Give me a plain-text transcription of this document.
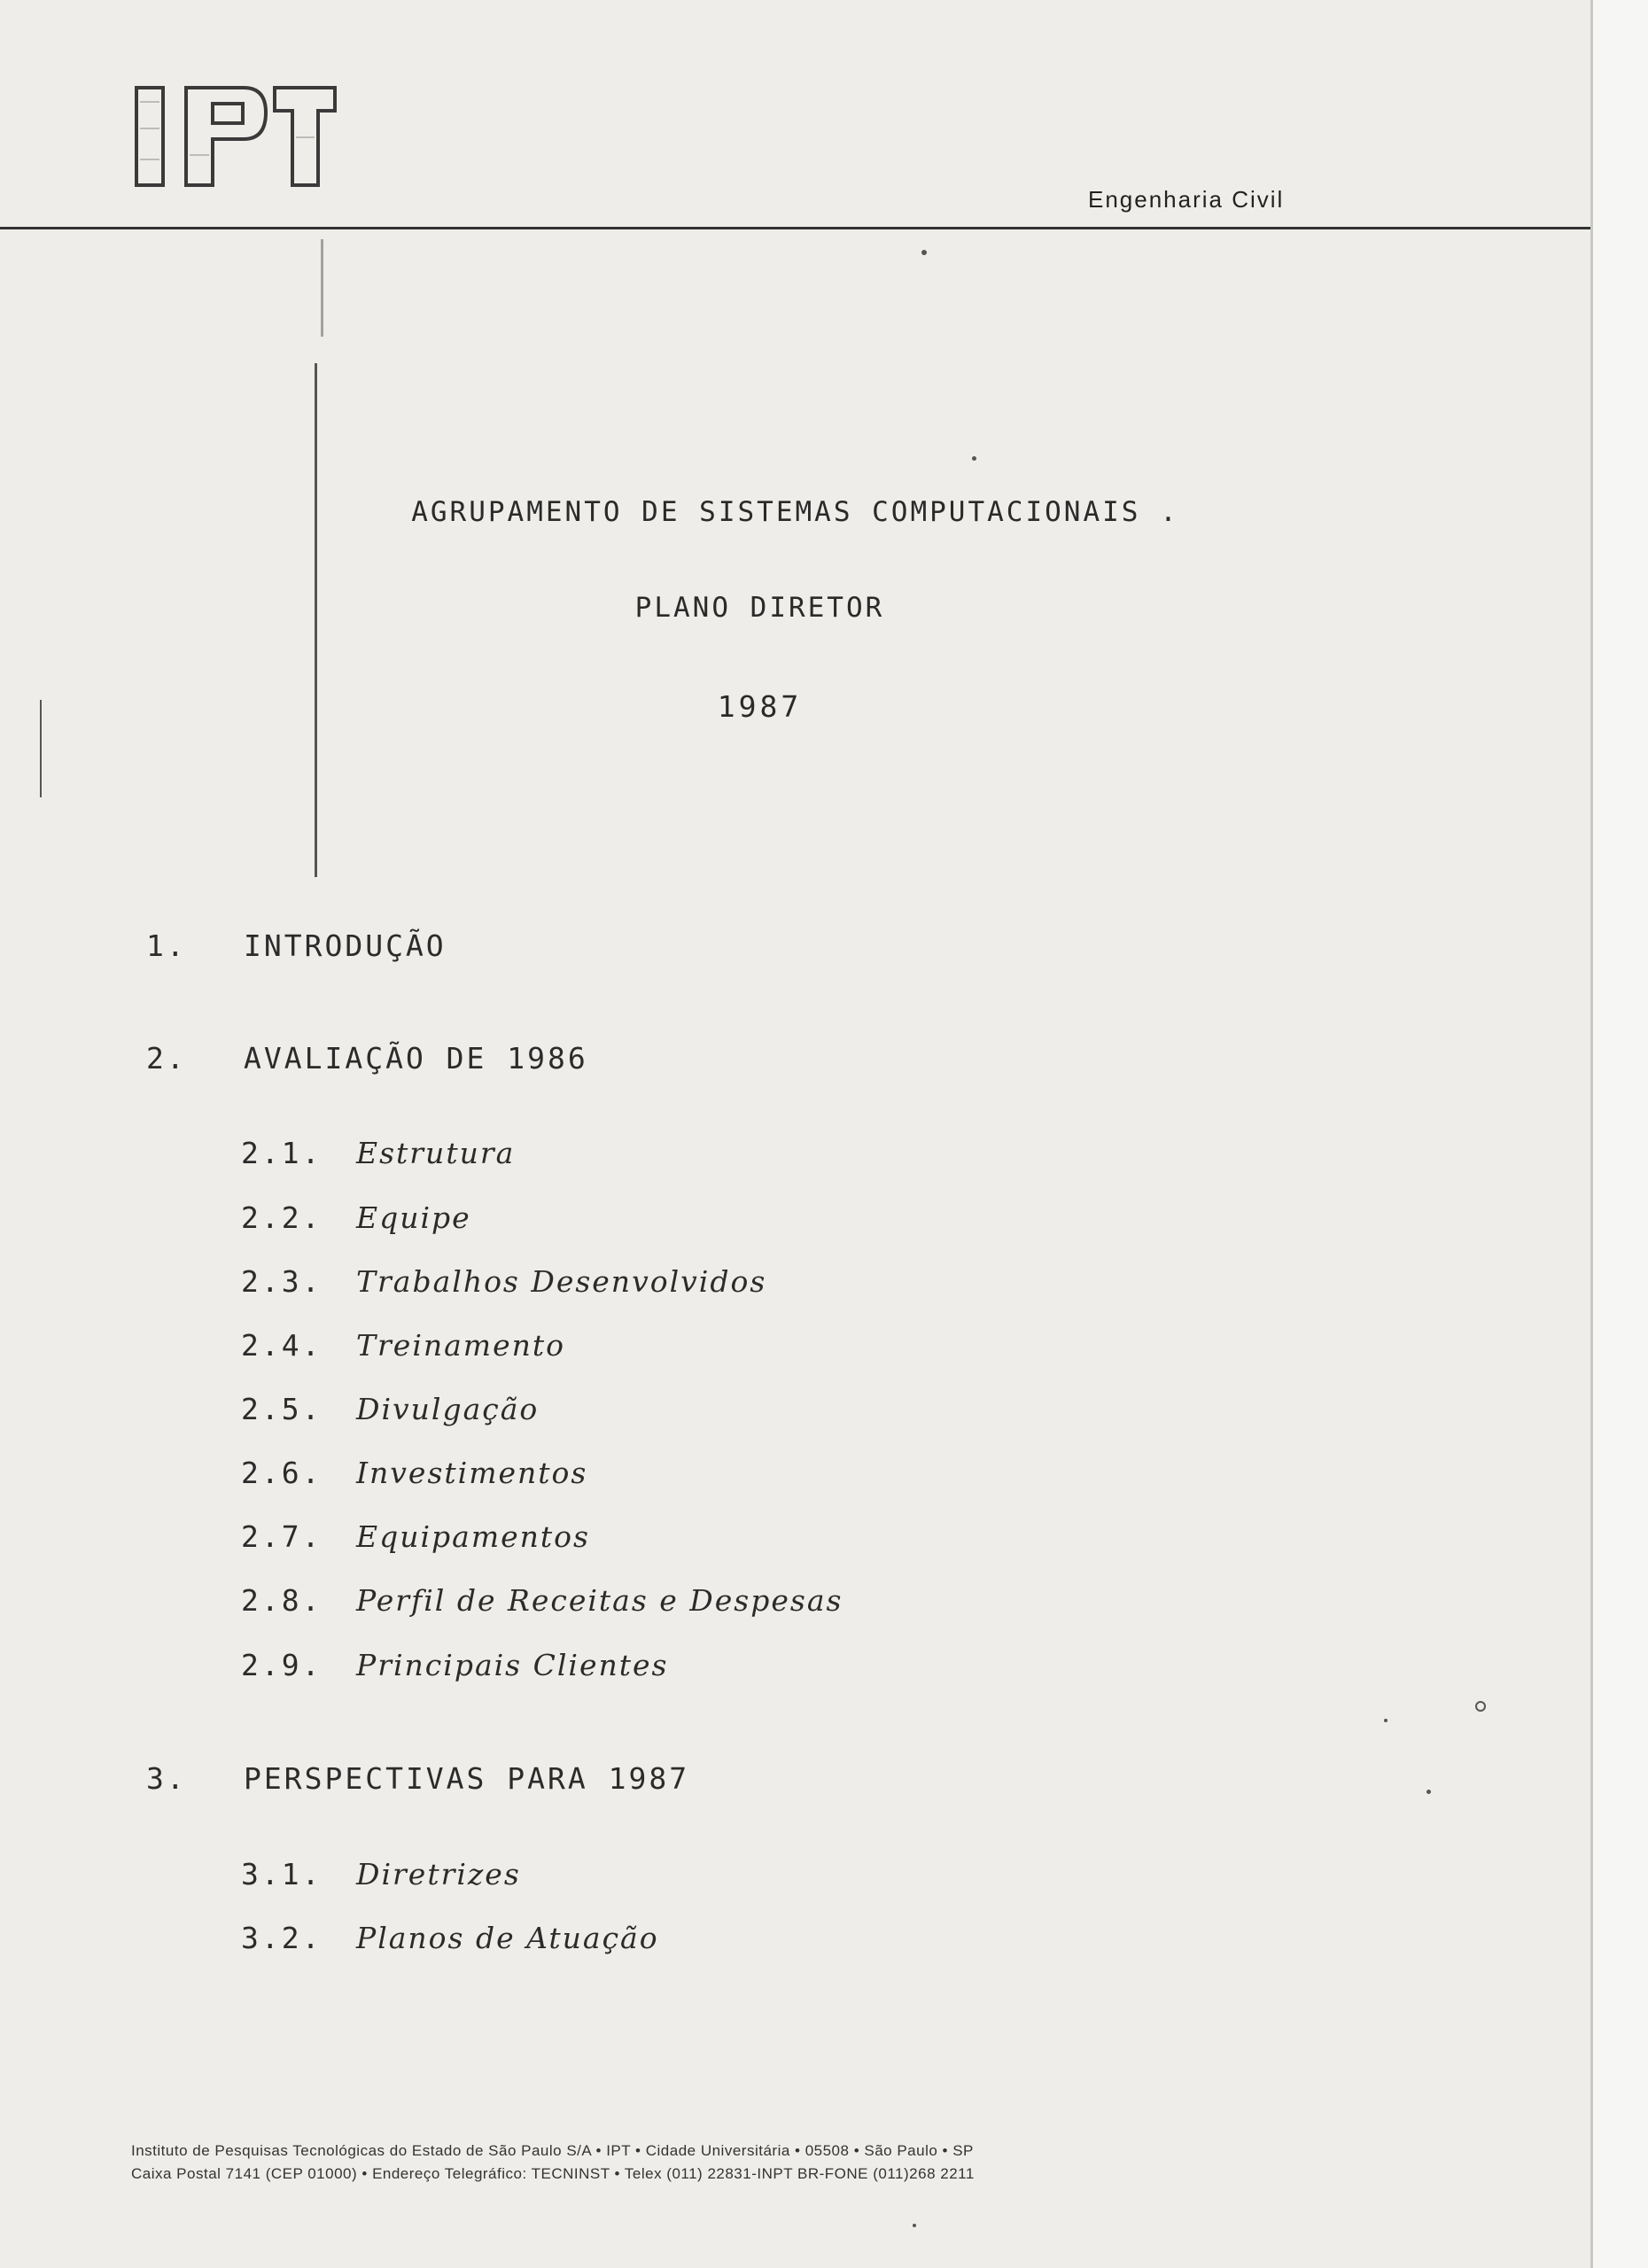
Engenharia Civil
AGRUPAMENTO DE SISTEMAS COMPUTACIONAIS .
PLANO DIRETOR
1987
1. INTRODUÇÃO
2. AVALIAÇÃO DE 1986
2.1. Estrutura
2.2. Equipe
2.3. Trabalhos Desenvolvidos
2.4. Treinamento
2.5. Divulgação
2.6. Investimentos
2.7. Equipamentos
2.8. Perfil de Receitas e Despesas
2.9. Principais Clientes
3. PERSPECTIVAS PARA 1987
3.1. Diretrizes
3.2. Planos de Atuação
Instituto de Pesquisas Tecnológicas do Estado de São Paulo S/A • IPT • Cidade Universitária • 05508 • São Paulo • SP
Caixa Postal 7141 (CEP 01000) • Endereço Telegráfico: TECNINST • Telex (011) 22831-INPT BR-FONE (011)268 2211
